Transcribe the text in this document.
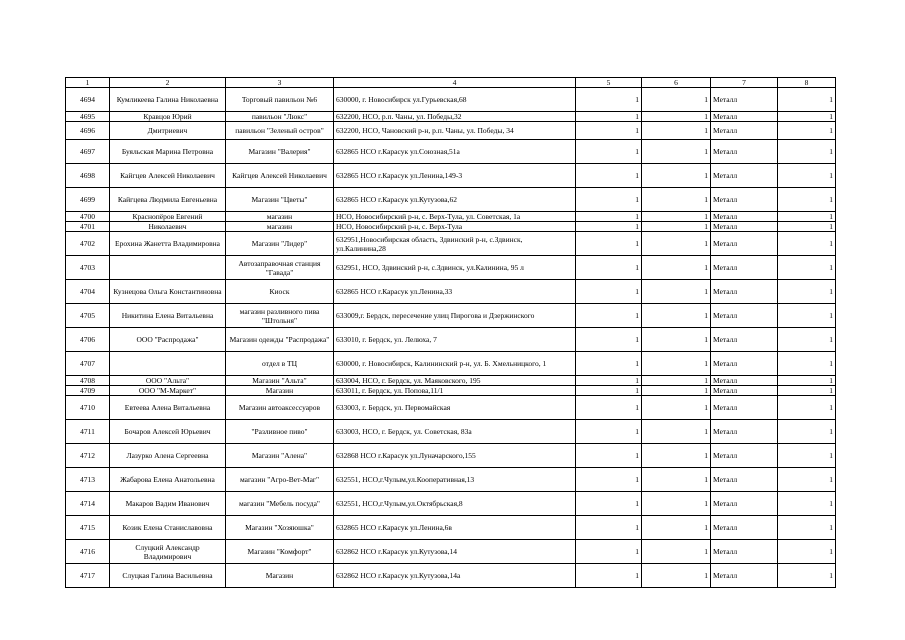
1	2	3	4	5	6	7	8
4694	Кумликеева Галина Николаевна	Торговый павильон №6	630000, г. Новосибирск ул.Гурьевская,68	1	1	Металл	1
4695	Кравцов Юрий	павильон "Люкс"	632200, НСО, р.п. Чаны, ул. Победы,32	1	1	Металл	1
4696	Дмитриевич	павильон "Зеленый остров"	632200, НСО, Чановский р-н, р.п. Чаны, ул. Победы, 34	1	1	Металл	1
4697	Буяльская Марина Петровна	Магазин "Валерия"	632865 НСО г.Карасук ул.Союзная,51а	1	1	Металл	1
4698	Кайгцев Алексей Николаевич	Кайгцев Алексей Николаевич	632865 НСО г.Карасук ул.Ленина,149-3	1	1	Металл	1
4699	Кайгцева Людмила Евгеньевна	Магазин "Цветы"	632865 НСО г.Карасук ул.Кутузова,62	1	1	Металл	1
4700	Краснопёров Евгений	магазин	НСО, Новосибирский р-н, с. Верх-Тула, ул. Советская, 1а	1	1	Металл	1
4701	Николаевич	магазин	НСО, Новосибирский р-н, с. Верх-Тула	1	1	Металл	1
4702	Ерохина Жанетта Владимировна	Магазин "Лидер"	632951,Новосибирская область, Здвинский р-н, с.Здвинск, ул.Калинина,28	1	1	Металл	1
4703		Автозаправочная станция "Гавада"	632951, НСО, Здвинский р-н, с.Здвинск, ул.Калинина, 95 л	1	1	Металл	1
4704	Кузнецова Ольга Константиновна	Киоск	632865 НСО г.Карасук ул.Ленина,33	1	1	Металл	1
4705	Никитина Елена Витальевна	магазин разливного пива "Штольня"	633009,г. Бердск, пересечение улиц Пирогова и Дзержинского	1	1	Металл	1
4706	ООО "Распродажа"	Магазин одежды "Распродажа"	633010, г. Бердск, ул. Лелюха, 7	1	1	Металл	1
4707		отдел в ТЦ	630000, г. Новосибирск, Калининский р-н, ул. Б. Хмельницкого, 1	1	1	Металл	1
4708	ООО "Альта"	Магазин "Альта"	633004, НСО, г. Бердск, ул. Маяковского, 195	1	1	Металл	1
4709	ООО "М-Маркет"	Магазин	633011, г. Бердск, ул. Попова,11/1	1	1	Металл	1
4710	Евтеева Алена Витальевна	Магазин автоаксессуаров	633003, г. Бердск, ул. Первомайская	1	1	Металл	1
4711	Бочаров Алексей Юрьевич	"Разливное пиво"	633003, НСО, г. Бердск, ул. Советская, 83а	1	1	Металл	1
4712	Лазурко Алена Сергеевна	Магазин "Алена"	632868 НСО г.Карасук ул.Луначарского,155	1	1	Металл	1
4713	Жабарова Елена Анатольевна	магазин "Агро-Вет-Маг"	632551, НСО,г.Чулым,ул.Кооперативная,13	1	1	Металл	1
4714	Макаров Вадим Иванович	магазин "Мебель посуда"	632551, НСО,г.Чулым,ул.Октябрьская,8	1	1	Металл	1
4715	Козик Елена Станиславовна	Магазин "Хозяюшка"	632865 НСО г.Карасук ул.Ленина,6в	1	1	Металл	1
4716	Слуцкий Александр Владимирович	Магазин "Комфорт"	632862 НСО г.Карасук ул.Кутузова,14	1	1	Металл	1
4717	Слуцкая Галина Васильевна	Магазин	632862 НСО г.Карасук ул.Кутузова,14а	1	1	Металл	1
